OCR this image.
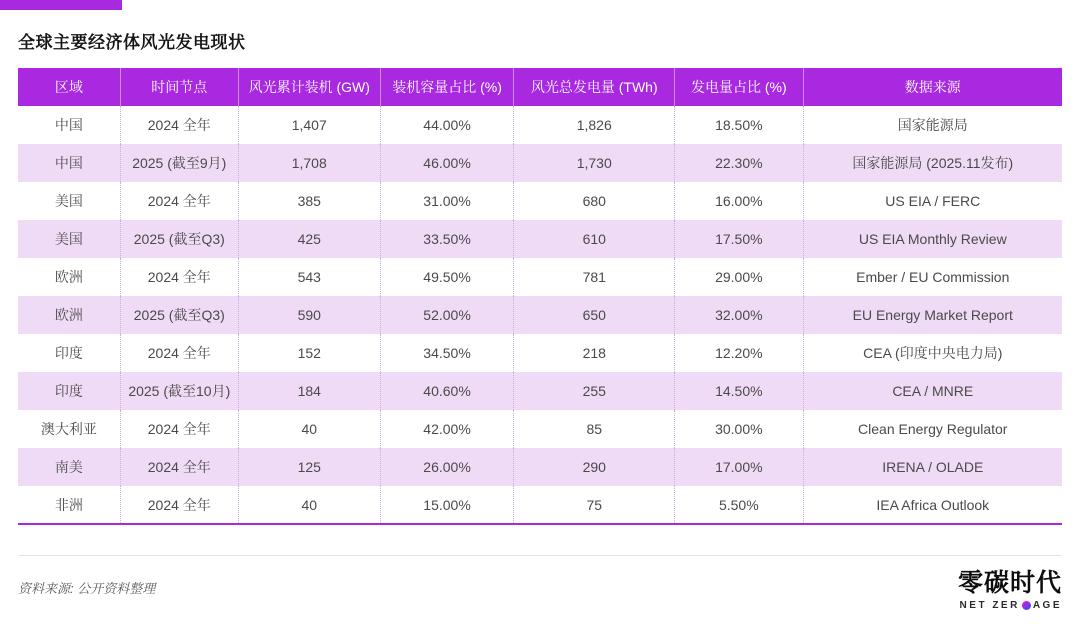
全球主要经济体风光发电现状
区域	时间节点	风光累计装机 (GW)	装机容量占比 (%)	风光总发电量 (TWh)	发电量占比 (%)	数据来源
中国	2024 全年	1,407	44.00%	1,826	18.50%	国家能源局
中国	2025 (截至9月)	1,708	46.00%	1,730	22.30%	国家能源局 (2025.11发布)
美国	2024 全年	385	31.00%	680	16.00%	US EIA / FERC
美国	2025 (截至Q3)	425	33.50%	610	17.50%	US EIA Monthly Review
欧洲	2024 全年	543	49.50%	781	29.00%	Ember / EU Commission
欧洲	2025 (截至Q3)	590	52.00%	650	32.00%	EU Energy Market Report
印度	2024 全年	152	34.50%	218	12.20%	CEA (印度中央电力局)
印度	2025 (截至10月)	184	40.60%	255	14.50%	CEA / MNRE
澳大利亚	2024 全年	40	42.00%	85	30.00%	Clean Energy Regulator
南美	2024 全年	125	26.00%	290	17.00%	IRENA / OLADE
非洲	2024 全年	40	15.00%	75	5.50%	IEA Africa Outlook
资料来源: 公开资料整理	零碳时代
NET ZER AGE
